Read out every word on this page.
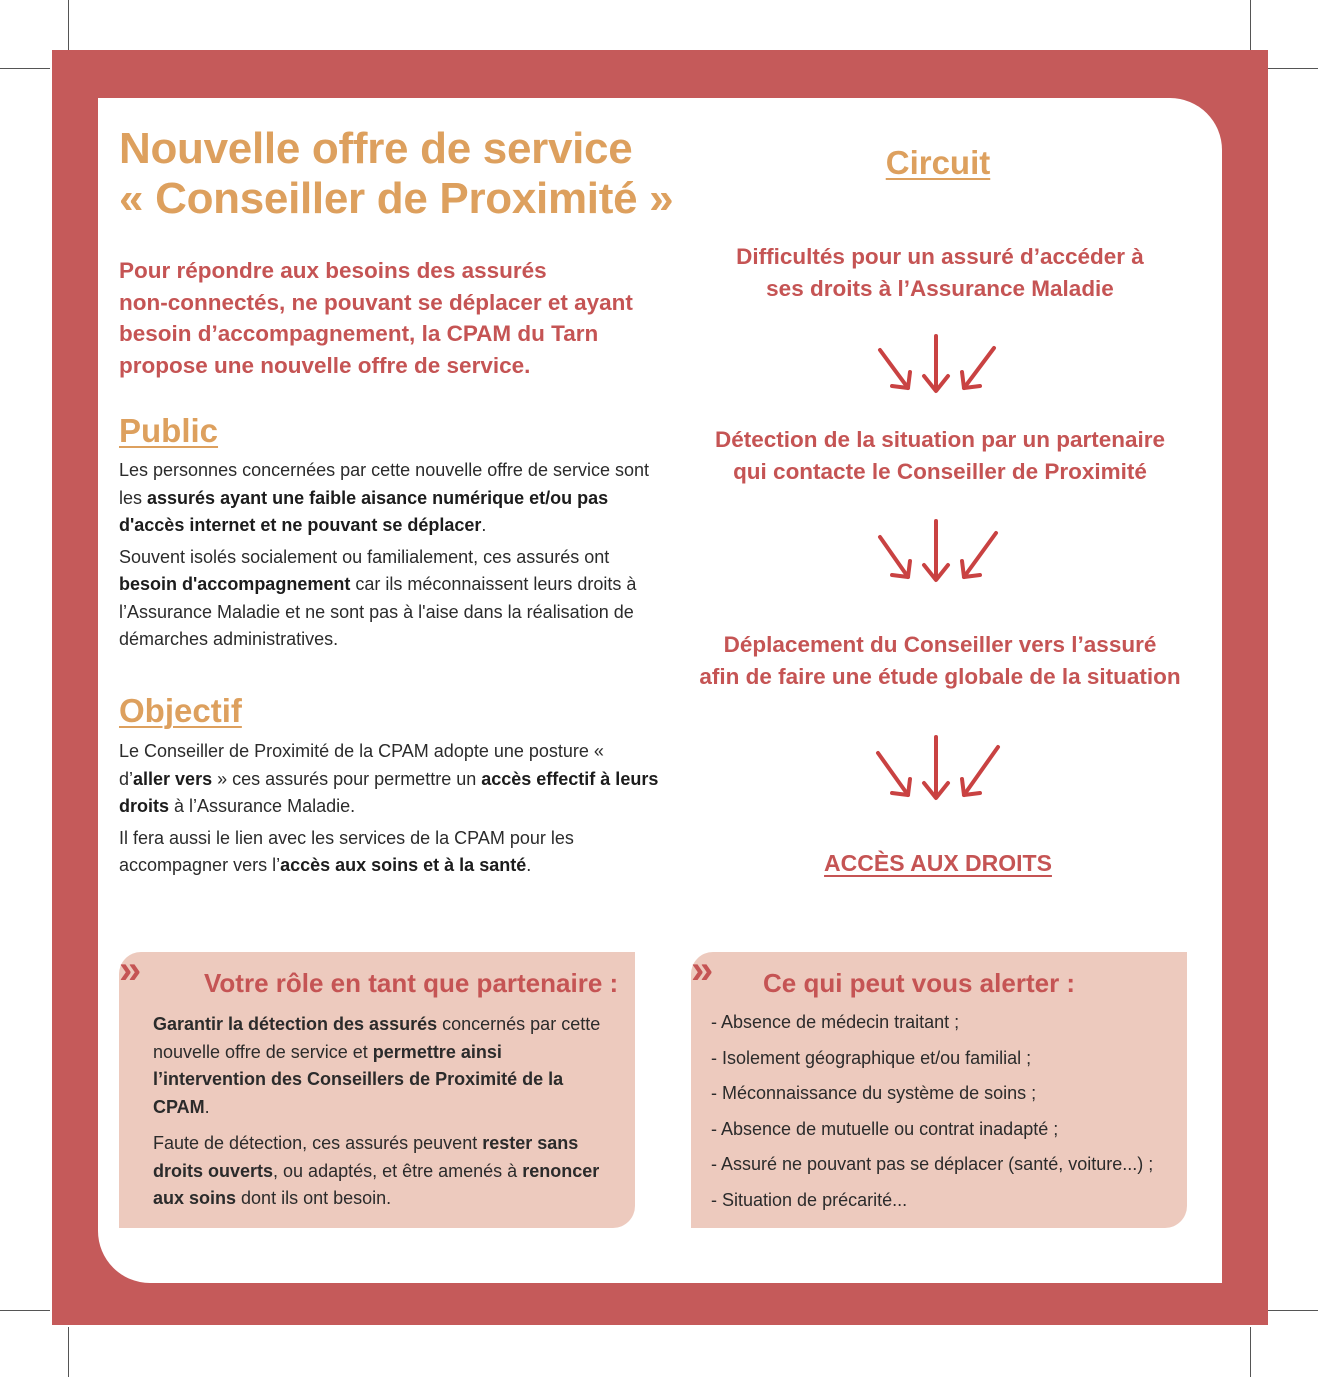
Nouvelle offre de service
« Conseiller de Proximité »

Pour répondre aux besoins des assurés
non-connectés, ne pouvant se déplacer et ayant
besoin d’accompagnement, la CPAM du Tarn
propose une nouvelle offre de service.

Public

Les personnes concernées par cette nouvelle offre de service sont les assurés ayant une faible aisance numérique et/ou pas d'accès internet et ne pouvant se déplacer.

Souvent isolés socialement ou familialement, ces assurés ont besoin d'accompagnement car ils méconnaissent leurs droits à l’Assurance Maladie et ne sont pas à l'aise dans la réalisation de démarches administratives.

Objectif

Le Conseiller de Proximité de la CPAM adopte une posture « d’aller vers » ces assurés pour permettre un accès effectif à leurs droits à l’Assurance Maladie.

Il fera aussi le lien avec les services de la CPAM pour les accompagner vers l’accès aux soins et à la santé.

Circuit

Difficultés pour un assuré d’accéder à
ses droits à l’Assurance Maladie

Détection de la situation par un partenaire
qui contacte le Conseiller de Proximité

Déplacement du Conseiller vers l’assuré
afin de faire une étude globale de la situation

ACCÈS AUX DROITS

»	Votre rôle en tant que partenaire :

Garantir la détection des assurés concernés par cette nouvelle offre de service et permettre ainsi l’intervention des Conseillers de Proximité de la CPAM.

Faute de détection, ces assurés peuvent rester sans droits ouverts, ou adaptés, et être amenés à renoncer aux soins dont ils ont besoin.

» Ce qui peut vous alerter :
- Absence de médecin traitant ;
- Isolement géographique et/ou familial ;
- Méconnaissance du système de soins ;
- Absence de mutuelle ou contrat inadapté ;
- Assuré ne pouvant pas se déplacer (santé, voiture...) ;
- Situation de précarité...
